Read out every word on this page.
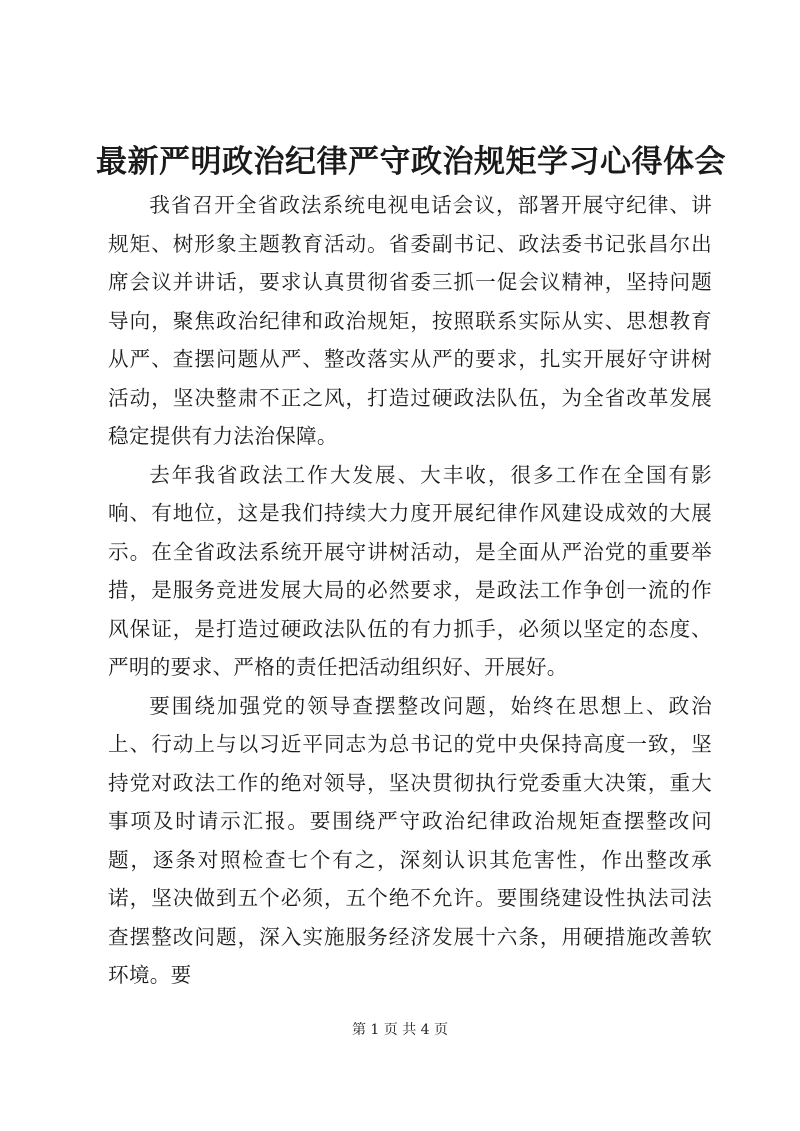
最新严明政治纪律严守政治规矩学习心得体会

我省召开全省政法系统电视电话会议，部署开展守纪律、讲规矩、树形象主题教育活动。省委副书记、政法委书记张昌尔出席会议并讲话，要求认真贯彻省委三抓一促会议精神，坚持问题导向，聚焦政治纪律和政治规矩，按照联系实际从实、思想教育从严、查摆问题从严、整改落实从严的要求，扎实开展好守讲树活动，坚决整肃不正之风，打造过硬政法队伍，为全省改革发展稳定提供有力法治保障。

去年我省政法工作大发展、大丰收，很多工作在全国有影响、有地位，这是我们持续大力度开展纪律作风建设成效的大展示。在全省政法系统开展守讲树活动，是全面从严治党的重要举措，是服务竞进发展大局的必然要求，是政法工作争创一流的作风保证，是打造过硬政法队伍的有力抓手，必须以坚定的态度、严明的要求、严格的责任把活动组织好、开展好。

要围绕加强党的领导查摆整改问题，始终在思想上、政治上、行动上与以习近平同志为总书记的党中央保持高度一致，坚持党对政法工作的绝对领导，坚决贯彻执行党委重大决策，重大事项及时请示汇报。要围绕严守政治纪律政治规矩查摆整改问题，逐条对照检查七个有之，深刻认识其危害性，作出整改承诺，坚决做到五个必须，五个绝不允许。要围绕建设性执法司法查摆整改问题，深入实施服务经济发展十六条，用硬措施改善软环境。要

第 1 页 共 4 页
